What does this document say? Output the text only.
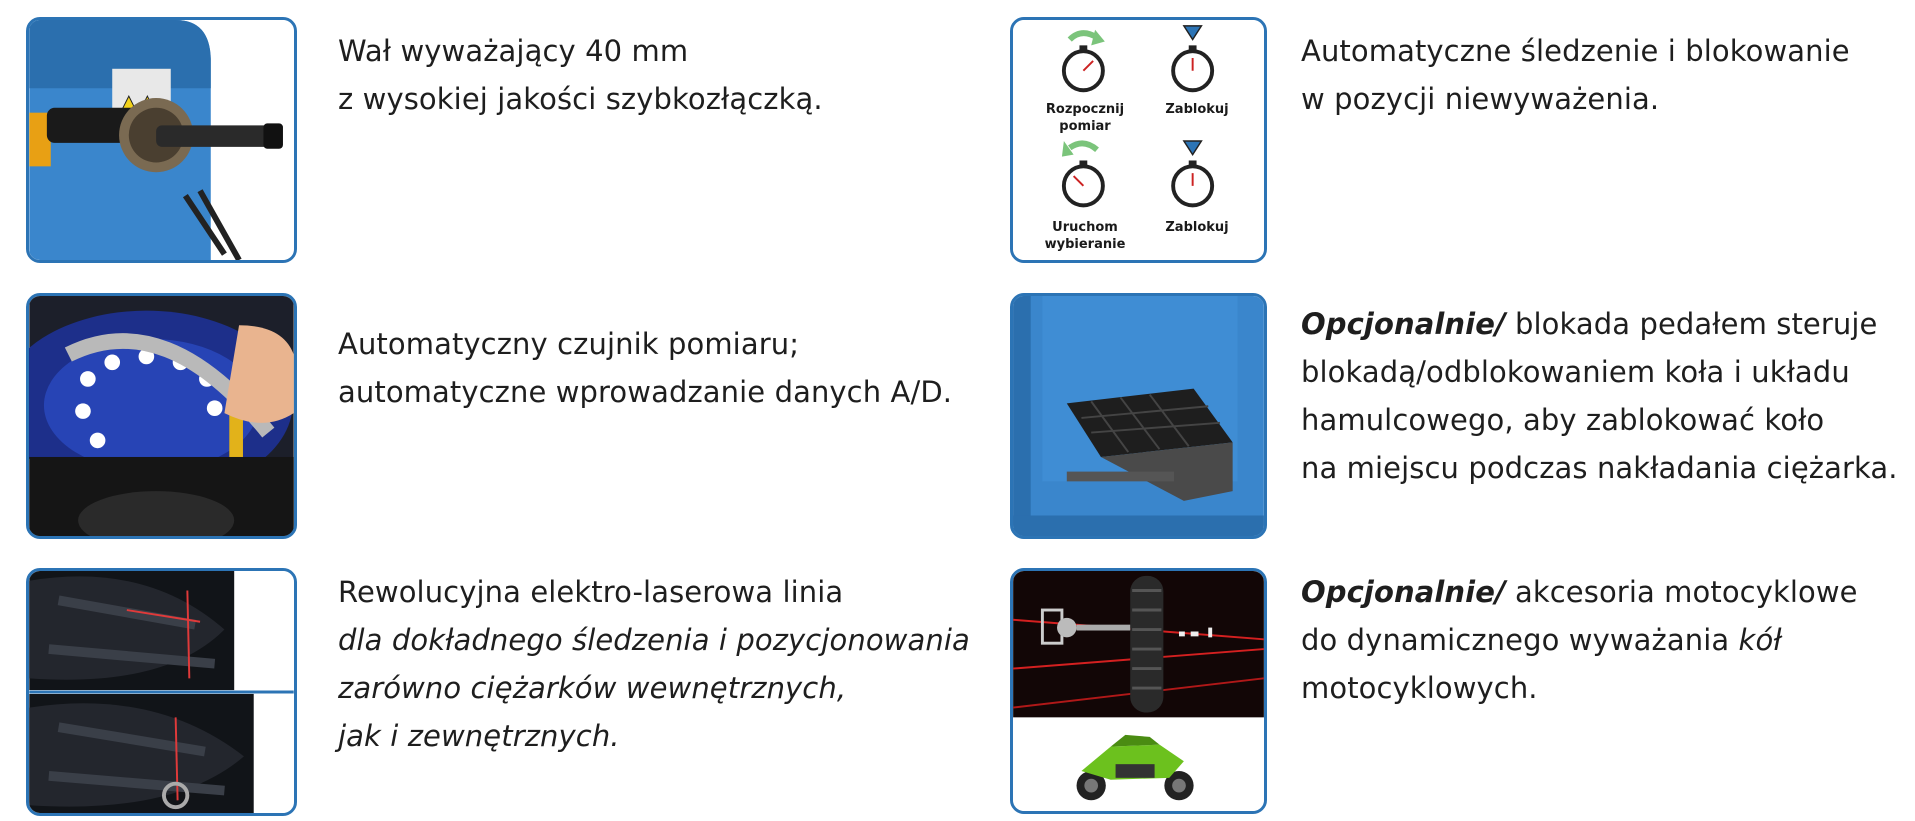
Wał wyważający 40 mm
z wysokiej jakości szybkozłączką.	Rozpocznij pomiar
Zablokuj
Uruchom wybieranie
Zablokuj
Automatyczne śledzenie i blokowanie
w pozycji niewyważenia.
Automatyczny czujnik pomiaru;
automatyczne wprowadzanie danych A/D.
Opcjonalnie/ blokada pedałem steruje
blokadą/odblokowaniem koła i układu
hamulcowego, aby zablokować koło
na miejscu podczas nakładania ciężarka.
Rewolucyjna elektro-laserowa linia
dla dokładnego śledzenia i pozycjonowania
zarówno ciężarków wewnętrznych,
jak i zewnętrznych.
Opcjonalnie/ akcesoria motocyklowe
do dynamicznego wyważania kół
motocyklowych.
